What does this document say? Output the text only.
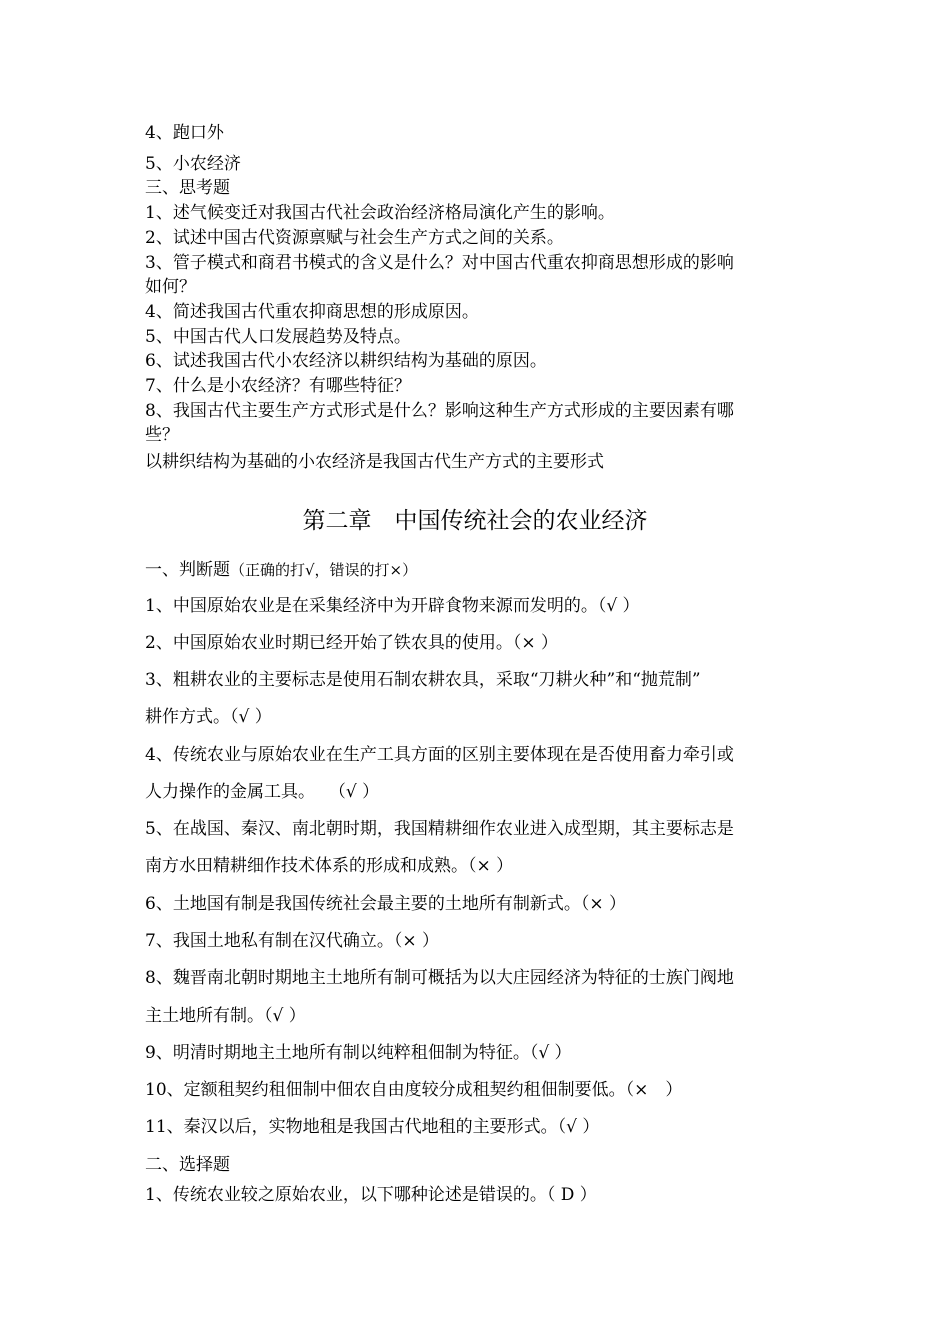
4、跑口外
5、小农经济
三、思考题
1、述气候变迁对我国古代社会政治经济格局演化产生的影响。
2、试述中国古代资源禀赋与社会生产方式之间的关系。
3、管子模式和商君书模式的含义是什么？对中国古代重农抑商思想形成的影响
如何？
4、简述我国古代重农抑商思想的形成原因。
5、中国古代人口发展趋势及特点。
6、试述我国古代小农经济以耕织结构为基础的原因。
7、什么是小农经济？有哪些特征？
8、我国古代主要生产方式形式是什么？影响这种生产方式形成的主要因素有哪
些？
以耕织结构为基础的小农经济是我国古代生产方式的主要形式
第二章　中国传统社会的农业经济
一、判断题（正确的打√，错误的打×）
1、中国原始农业是在采集经济中为开辟食物来源而发明的。（√ ）
2、中国原始农业时期已经开始了铁农具的使用。（× ）
3、粗耕农业的主要标志是使用石制农耕农具，采取“刀耕火种”和“抛荒制”
耕作方式。（√ ）
4、传统农业与原始农业在生产工具方面的区别主要体现在是否使用畜力牵引或
人力操作的金属工具。　 （√ ）
5、在战国、秦汉、南北朝时期，我国精耕细作农业进入成型期，其主要标志是
南方水田精耕细作技术体系的形成和成熟。（× ）
6、土地国有制是我国传统社会最主要的土地所有制新式。（× ）
7、我国土地私有制在汉代确立。（× ）
8、魏晋南北朝时期地主土地所有制可概括为以大庄园经济为特征的士族门阀地
主土地所有制。（√ ）
9、明清时期地主土地所有制以纯粹租佃制为特征。（√ ）
10、定额租契约租佃制中佃农自由度较分成租契约租佃制要低。（×　）
11、秦汉以后，实物地租是我国古代地租的主要形式。（√ ）
二、选择题
1、传统农业较之原始农业，以下哪种论述是错误的。（ D ）
